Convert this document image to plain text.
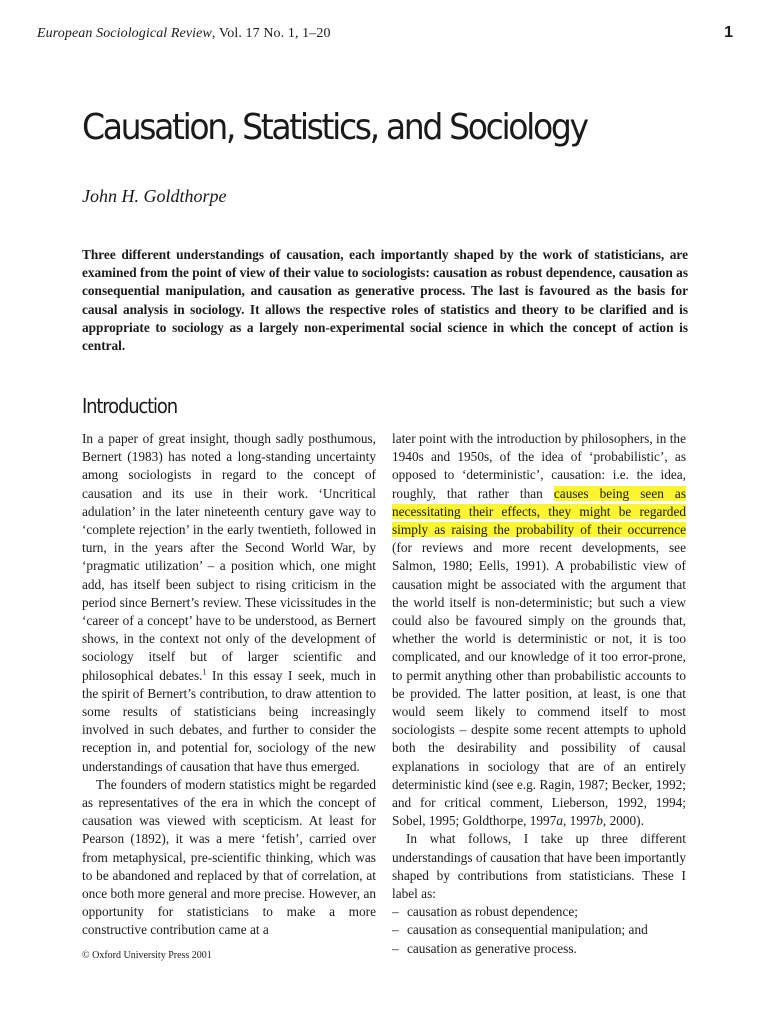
European Sociological Review, Vol. 17 No. 1, 1–20	1
Causation, Statistics, and Sociology
John H. Goldthorpe

Three different understandings of causation, each importantly shaped by the work of statisticians, are examined from the point of view of their value to sociologists: causation as robust dependence, causation as consequential manipulation, and causation as generative process. The last is favoured as the basis for causal analysis in sociology. It allows the respective roles of statistics and theory to be clarified and is appropriate to sociology as a largely non-experimental social science in which the concept of action is central.

Introduction

In a paper of great insight, though sadly posthumous, Bernert (1983) has noted a long-standing uncertainty among sociologists in regard to the concept of causation and its use in their work. ‘Uncritical adulation’ in the later nineteenth century gave way to ‘complete rejection’ in the early twentieth, followed in turn, in the years after the Second World War, by ‘pragmatic utilization’ – a position which, one might add, has itself been subject to rising criticism in the period since Bernert’s review. These vicissitudes in the ‘career of a concept’ have to be understood, as Bernert shows, in the context not only of the development of sociology itself but of larger scientific and philosophical debates.$^1$ In this essay I seek, much in the spirit of Bernert’s contribution, to draw attention to some results of statisticians being increasingly involved in such debates, and further to consider the reception in, and potential for, sociology of the new understandings of causation that have thus emerged.

The founders of modern statistics might be regarded as representatives of the era in which the concept of causation was viewed with scepticism. At least for Pearson (1892), it was a mere ‘fetish’, carried over from metaphysical, pre-scientific thinking, which was to be abandoned and replaced by that of correlation, at once both more general and more precise. However, an opportunity for statisticians to make a more constructive contribution came at a

later point with the introduction by philosophers, in the 1940s and 1950s, of the idea of ‘probabilistic’, as opposed to ‘deterministic’, causation: i.e. the idea, roughly, that rather than causes being seen as necessitating their effects, they might be regarded simply as raising the probability of their occurrence (for reviews and more recent developments, see Salmon, 1980; Eells, 1991). A probabilistic view of causation might be associated with the argument that the world itself is non-deterministic; but such a view could also be favoured simply on the grounds that, whether the world is deterministic or not, it is too complicated, and our knowledge of it too error-prone, to permit anything other than probabilistic accounts to be provided. The latter position, at least, is one that would seem likely to commend itself to most sociologists – despite some recent attempts to uphold both the desirability and possibility of causal explanations in sociology that are of an entirely deterministic kind (see e.g. Ragin, 1987; Becker, 1992; and for critical comment, Lieberson, 1992, 1994; Sobel, 1995; Goldthorpe, 1997a, 1997b, 2000).

In what follows, I take up three different understandings of causation that have been importantly shaped by contributions from statisticians. These I label as:

– causation as robust dependence;
– causation as consequential manipulation; and
– causation as generative process.
© Oxford University Press 2001
